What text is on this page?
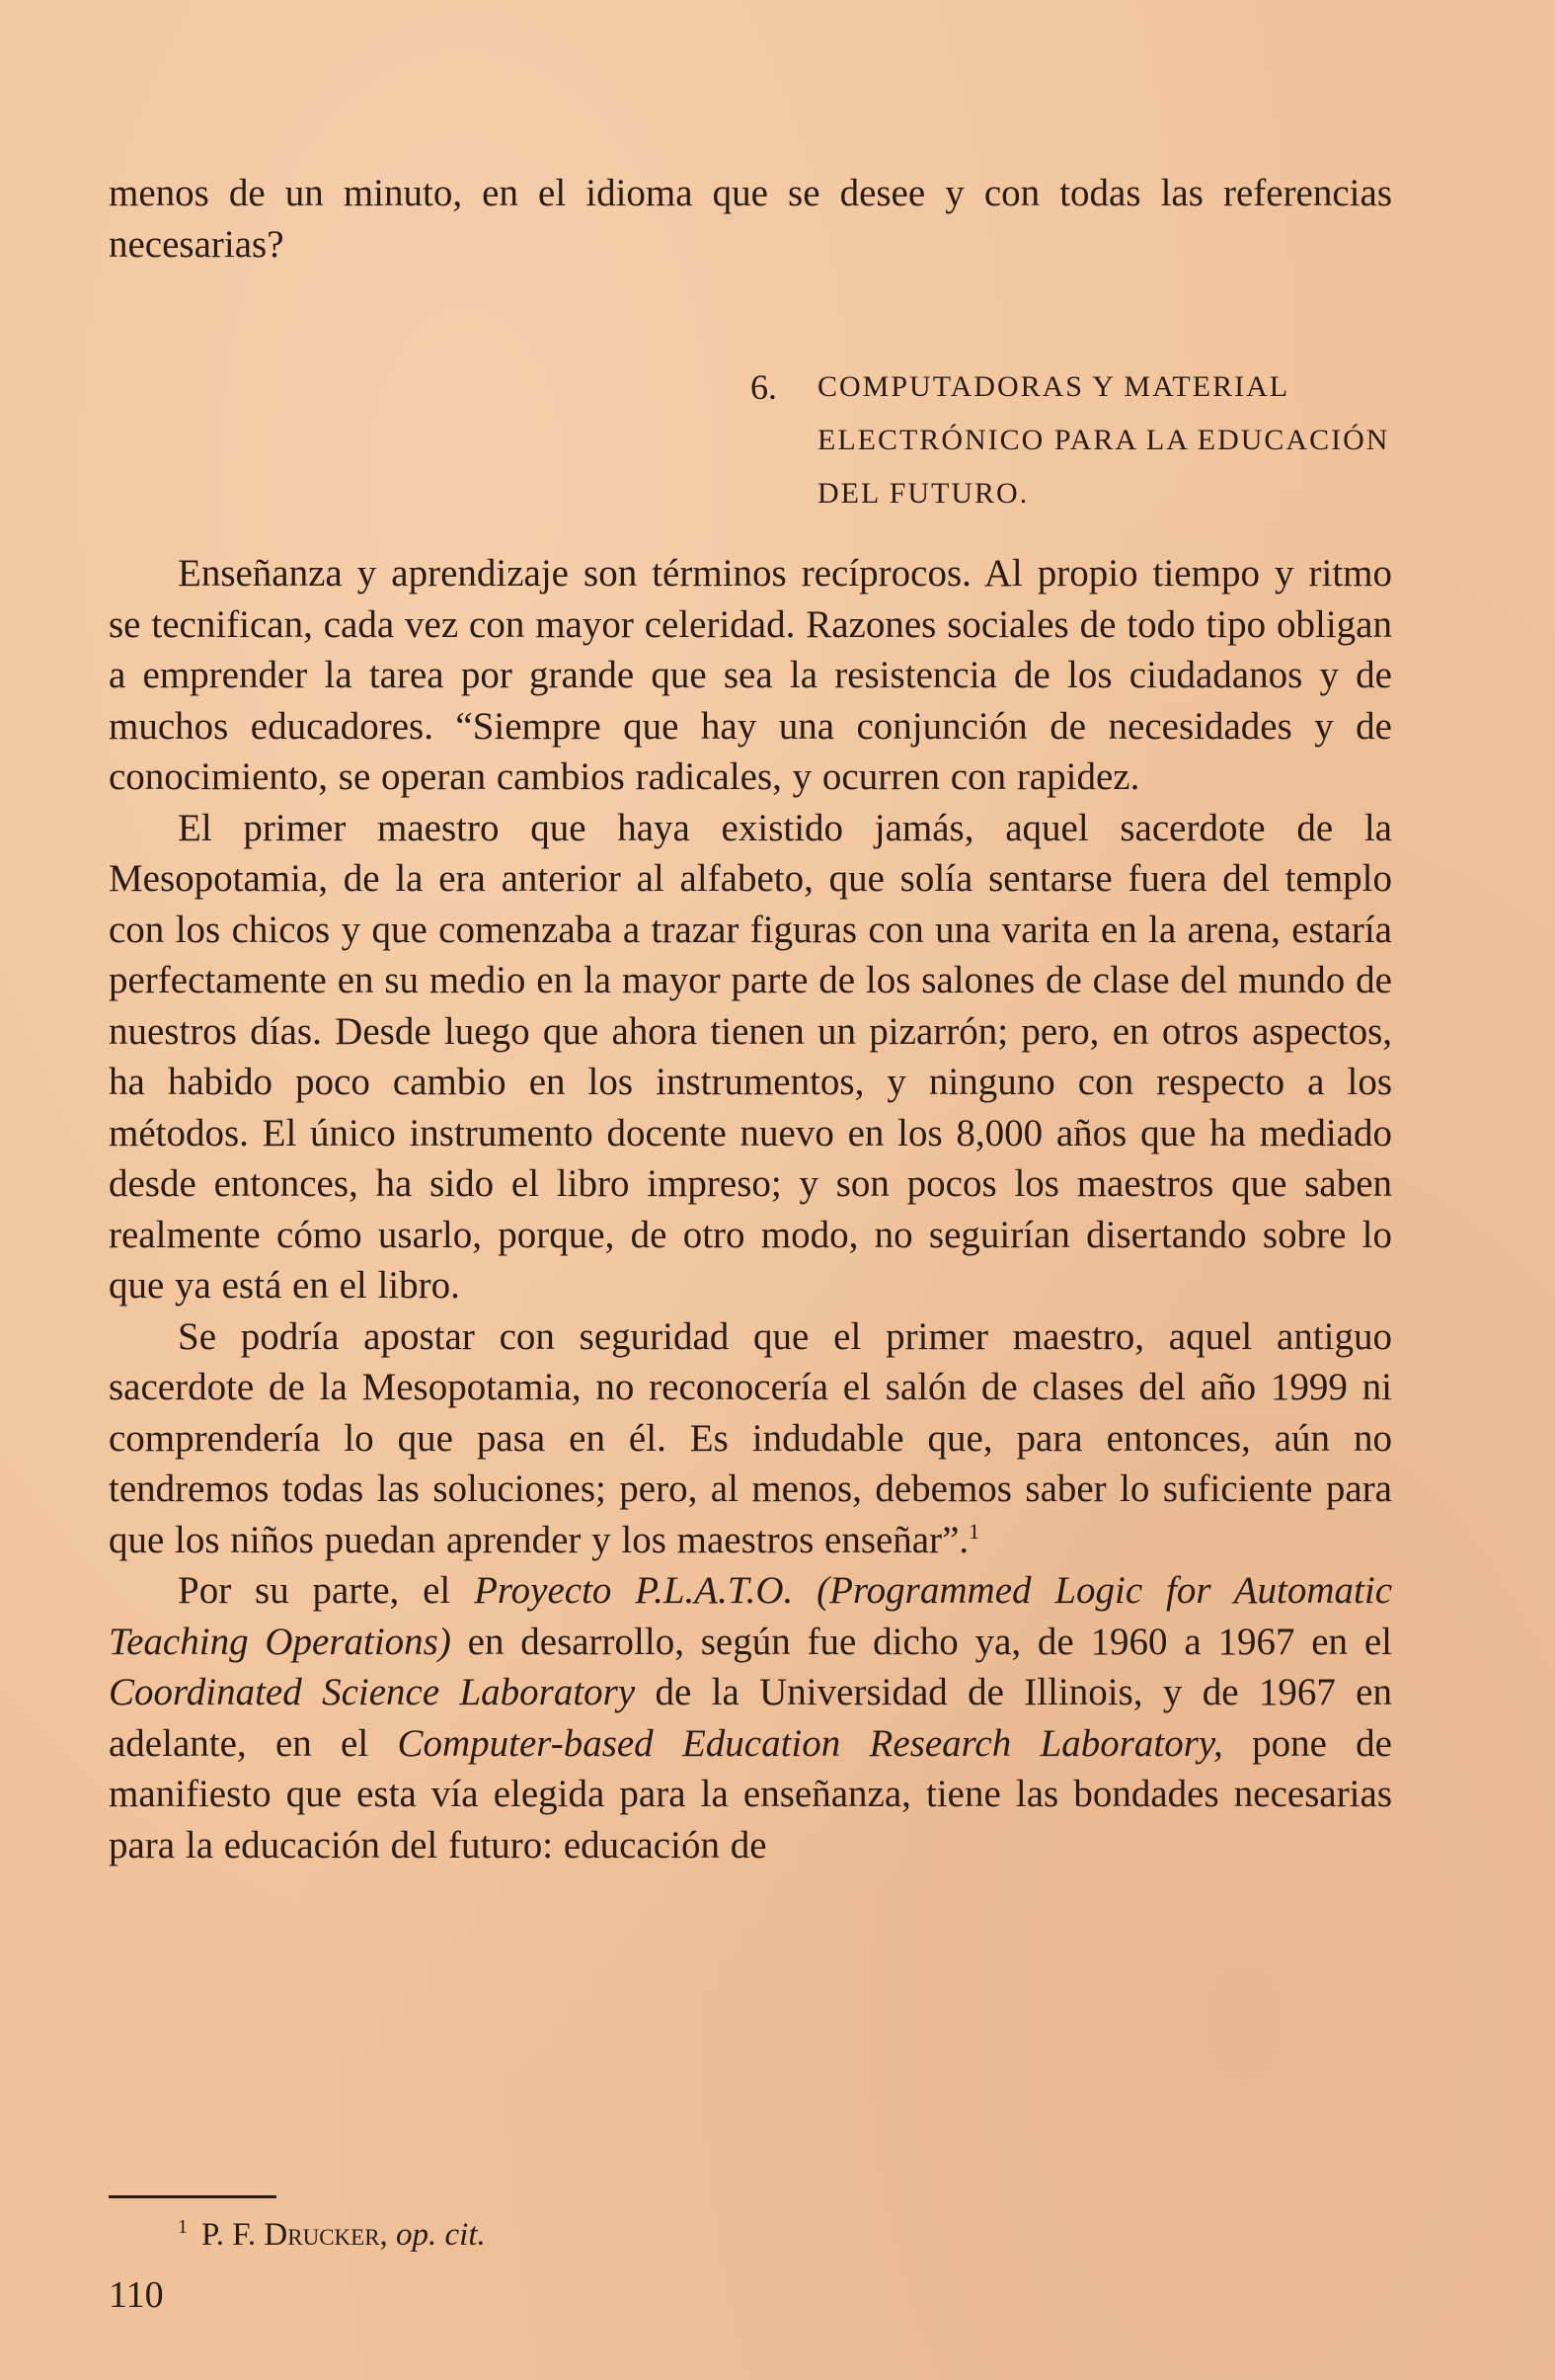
menos de un minuto, en el idioma que se desee y con todas las referencias necesarias?

6.	COMPUTADORAS Y MATERIAL ELECTRÓNICO PARA LA EDUCACIÓN DEL FUTURO.

Enseñanza y aprendizaje son términos recíprocos. Al propio tiempo y ritmo se tecnifican, cada vez con mayor celeridad. Razones sociales de todo tipo obligan a emprender la tarea por grande que sea la resistencia de los ciudadanos y de muchos educadores. “Siempre que hay una conjunción de necesidades y de conocimiento, se operan cambios radicales, y ocurren con rapidez.

El primer maestro que haya existido jamás, aquel sacerdote de la Mesopotamia, de la era anterior al alfabeto, que solía sentarse fuera del templo con los chicos y que comenzaba a trazar figuras con una varita en la arena, estaría perfectamente en su medio en la mayor parte de los salones de clase del mundo de nuestros días. Desde luego que ahora tienen un pizarrón; pero, en otros aspectos, ha habido poco cambio en los instrumentos, y ninguno con respecto a los métodos. El único instrumento docente nuevo en los 8,000 años que ha mediado desde entonces, ha sido el libro impreso; y son pocos los maestros que saben realmente cómo usarlo, porque, de otro modo, no seguirían disertando sobre lo que ya está en el libro.

Se podría apostar con seguridad que el primer maestro, aquel antiguo sacerdote de la Mesopotamia, no reconocería el salón de clases del año 1999 ni comprendería lo que pasa en él. Es indudable que, para entonces, aún no tendremos todas las soluciones; pero, al menos, debemos saber lo suficiente para que los niños puedan aprender y los maestros enseñar”.$^1$

Por su parte, el Proyecto P.L.A.T.O. (Programmed Logic for Automatic Teaching Operations) en desarrollo, según fue dicho ya, de 1960 a 1967 en el Coordinated Science Laboratory de la Universidad de Illinois, y de 1967 en adelante, en el Computer-based Education Research Laboratory, pone de manifiesto que esta vía elegida para la enseñanza, tiene las bondades necesarias para la educación del futuro: educación de

$^1$ P. F. Drucker, op. cit.
110
